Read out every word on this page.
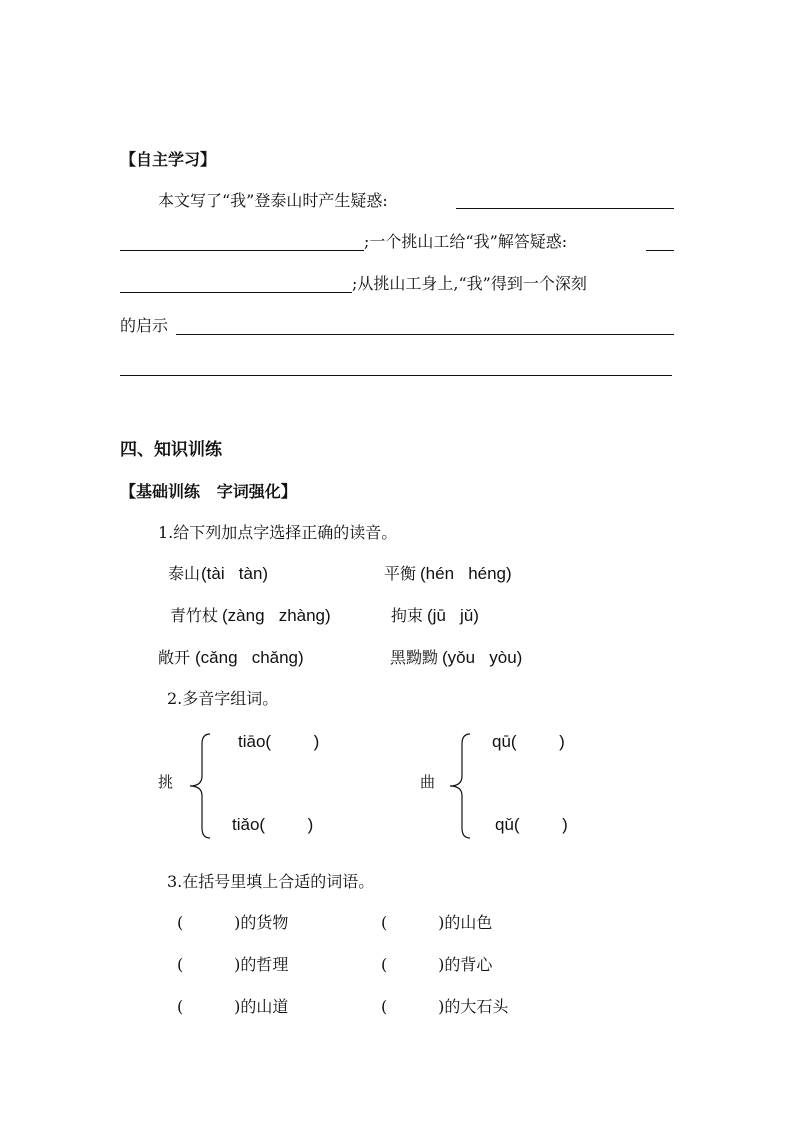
【自主学习】
本文写了“我”登泰山时产生疑惑:
;一个挑山工给“我”解答疑惑:
;从挑山工身上,“我”得到一个深刻
的启示
四、知识训练
【基础训练   字词强化】
1.给下列加点字选择正确的读音。
泰山 (tài   tàn)	平衡 (hén   héng)
青竹杖 (zàng   zhàng)	拘束 (jū   jǔ)
敞开 (cǎng   chǎng)	黑黝黝 (yǒu   yòu)
2.多音字组词。
挑
tiāo(         )
tiǎo(         )
曲
qū(         )
qǔ(         )
3.在括号里填上合适的词语。
(          )的货物	(          )的山色
(          )的哲理	(          )的背心
(          )的山道	(          )的大石头
